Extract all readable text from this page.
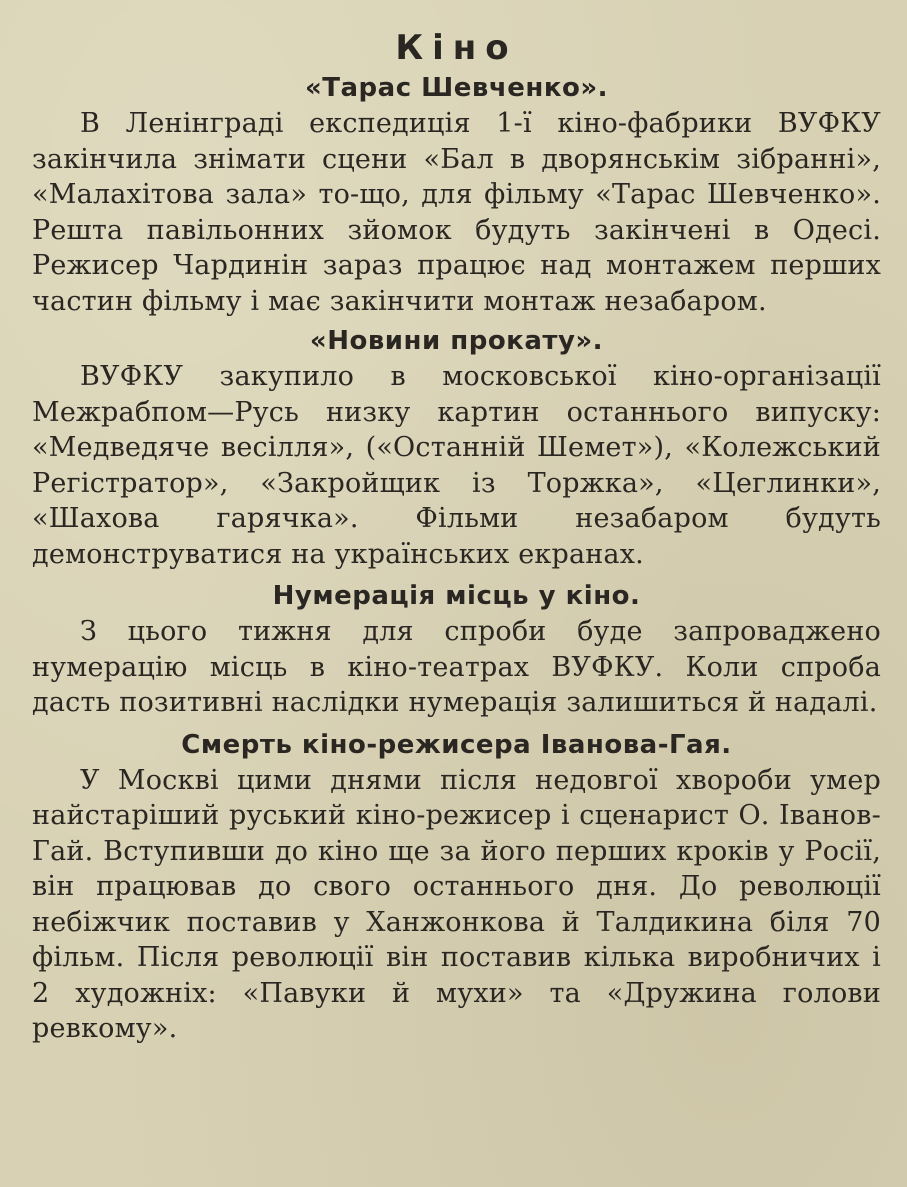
Кіно
«Тарас Шевченко».

В Ленінграді експедиція 1-ї кіно-фабрики ВУФКУ закінчила знімати сцени «Бал в дворянськім зібранні», «Малахітова зала» то-що, для фільму «Тарас Шевченко». Решта павільонних зйомок будуть закінчені в Одесі. Режисер Чардинін зараз працює над монтажем перших частин фільму і має закінчити монтаж незабаром.

«Новини прокату».

ВУФКУ закупило в московської кіно-організації Межрабпом—Русь низку картин останнього випуску: «Медведяче весілля», («Останній Шемет»), «Колежський Регістратор», «Закройщик із Торжка», «Цеглинки», «Шахова гарячка». Фільми незабаром будуть демонструватися на українських екранах.

Нумерація місць у кіно.

З цього тижня для спроби буде запроваджено нумерацію місць в кіно-театрах ВУФКУ. Коли спроба дасть позитивні наслідки нумерація залишиться й надалі.

Смерть кіно-режисера Іванова-Гая.

У Москві цими днями після недовгої хвороби умер найстаріший руський кіно-режисер і сценарист О. Іванов-Гай. Вступивши до кіно ще за його перших кроків у Росії, він працював до свого останнього дня. До революції небіжчик поставив у Ханжонкова й Талдикина біля 70 фільм. Після революції він поставив кілька виробничих і 2 художніх: «Павуки й мухи» та «Дружина голови ревкому».
